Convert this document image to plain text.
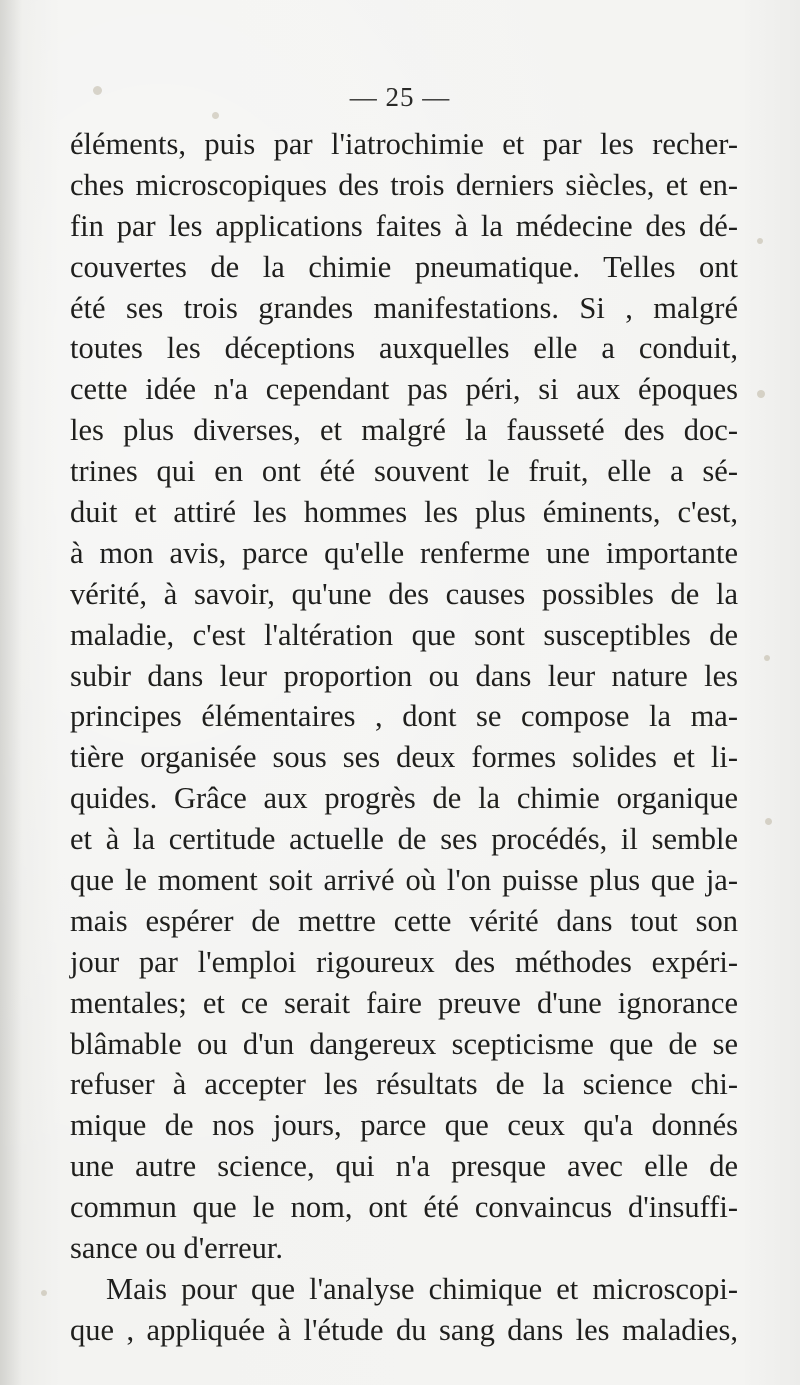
— 25 —
éléments, puis par l'iatrochimie et par les recher-
ches microscopiques des trois derniers siècles, et en-
fin par les applications faites à la médecine des dé-
couvertes de la chimie pneumatique. Telles ont
été ses trois grandes manifestations. Si , malgré
toutes les déceptions auxquelles elle a conduit,
cette idée n'a cependant pas péri, si aux époques
les plus diverses, et malgré la fausseté des doc-
trines qui en ont été souvent le fruit, elle a sé-
duit et attiré les hommes les plus éminents, c'est,
à mon avis, parce qu'elle renferme une importante
vérité, à savoir, qu'une des causes possibles de la
maladie, c'est l'altération que sont susceptibles de
subir dans leur proportion ou dans leur nature les
principes élémentaires , dont se compose la ma-
tière organisée sous ses deux formes solides et li-
quides. Grâce aux progrès de la chimie organique
et à la certitude actuelle de ses procédés, il semble
que le moment soit arrivé où l'on puisse plus que ja-
mais espérer de mettre cette vérité dans tout son
jour par l'emploi rigoureux des méthodes expéri-
mentales; et ce serait faire preuve d'une ignorance
blâmable ou d'un dangereux scepticisme que de se
refuser à accepter les résultats de la science chi-
mique de nos jours, parce que ceux qu'a donnés
une autre science, qui n'a presque avec elle de
commun que le nom, ont été convaincus d'insuffi-
sance ou d'erreur.
Mais pour que l'analyse chimique et microscopi-
que , appliquée à l'étude du sang dans les maladies,
